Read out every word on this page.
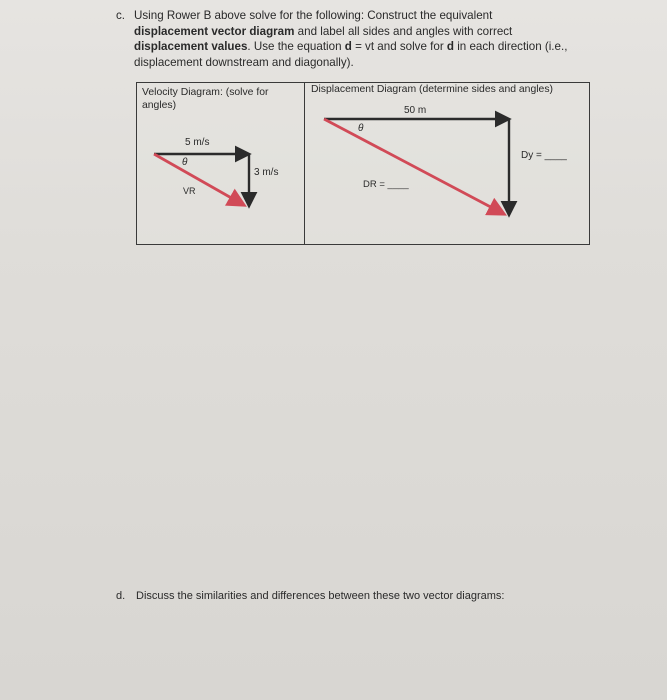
c. Using Rower B above solve for the following: Construct the equivalent
displacement vector diagram and label all sides and angles with correct
displacement values. Use the equation d = vt and solve for d in each direction (i.e.,
displacement downstream and diagonally).
Velocity Diagram: (solve for angles)
Displacement Diagram (determine sides and angles)
5 m/s
θ
3 m/s
VR
50 m
θ
Dy = ____
DR = ____
d. Discuss the similarities and differences between these two vector diagrams:
